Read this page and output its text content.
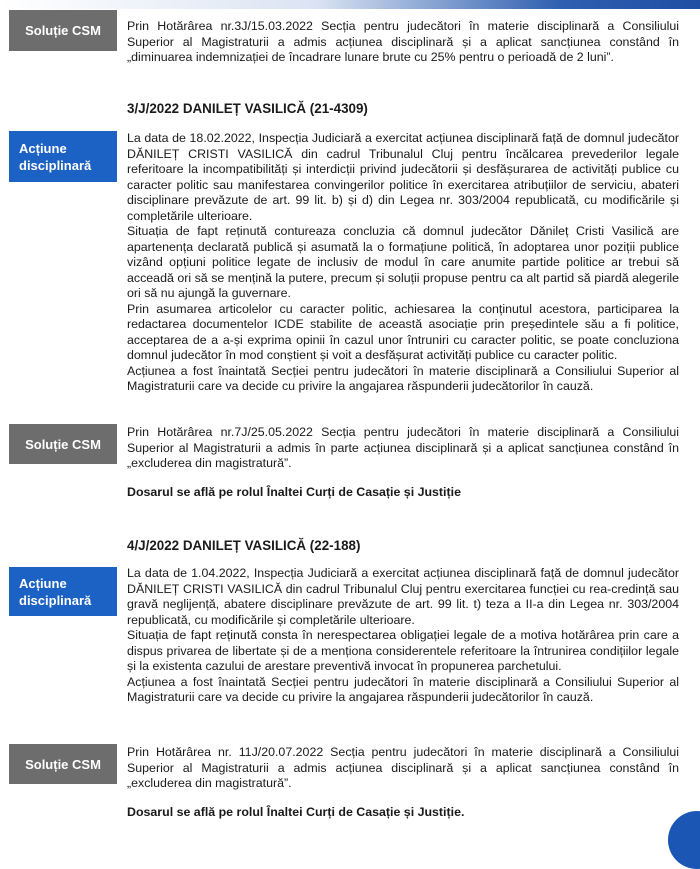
Soluție CSM Prin Hotărârea nr.3J/15.03.2022 Secția pentru judecători în materie disciplinară a Consiliului Superior al Magistraturii a admis acțiunea disciplinară și a aplicat sancțiunea constând în „diminuarea indemnizației de încadrare lunare brute cu 25% pentru o perioadă de 2 luni”.

3/J/2022 DANILEȚ VASILICĂ (21-4309)

Acțiune
disciplinară
La data de 18.02.2022, Inspecția Judiciară a exercitat acțiunea disciplinară față de domnul judecător DĂNILEȚ CRISTI VASILICĂ din cadrul Tribunalul Cluj pentru încălcarea prevederilor legale referitoare la incompatibilități și interdicții privind judecătorii și desfășurarea de activități publice cu caracter politic sau manifestarea convingerilor politice în exercitarea atribuțiilor de serviciu, abateri disciplinare prevăzute de art. 99 lit. b) și d) din Legea nr. 303/2004 republicată, cu modificările și completările ulterioare.
Situația de fapt reținută contureaza concluzia că domnul judecător Dănileț Cristi Vasilică are apartenența declarată publică și asumată la o formațiune politică, în adoptarea unor poziții publice vizând opțiuni politice legate de inclusiv de modul în care anumite partide politice ar trebui să acceadă ori să se mențină la putere, precum și soluții propuse pentru ca alt partid să piardă alegerile ori să nu ajungă la guvernare.
Prin asumarea articolelor cu caracter politic, achiesarea la conținutul acestora, participarea la redactarea documentelor ICDE stabilite de această asociație prin președintele său a fi politice, acceptarea de a a-și exprima opinii în cazul unor întruniri cu caracter politic, se poate concluziona domnul judecător în mod conștient și voit a desfășurat activități publice cu caracter politic.
Acțiunea a fost înaintată Secției pentru judecători în materie disciplinară a Consiliului Superior al Magistraturii care va decide cu privire la angajarea răspunderii judecătorilor în cauză.
Soluție CSM

Prin Hotărârea nr.7J/25.05.2022 Secția pentru judecători în materie disciplinară a Consiliului Superior al Magistraturii a admis în parte acțiunea disciplinară și a aplicat sancțiunea constând în „excluderea din magistratură”.

Dosarul se află pe rolul Înaltei Curți de Casație și Justiție

4/J/2022 DANILEȚ VASILICĂ (22-188)

Acțiune
disciplinară
La data de 1.04.2022, Inspecția Judiciară a exercitat acțiunea disciplinară față de domnul judecător DĂNILEȚ CRISTI VASILICĂ din cadrul Tribunalul Cluj pentru exercitarea funcției cu rea-credință sau gravă neglijență, abatere disciplinare prevăzute de art. 99 lit. t) teza a II-a din Legea nr. 303/2004 republicată, cu modificările și completările ulterioare.
Situația de fapt reținută consta în nerespectarea obligației legale de a motiva hotărârea prin care a dispus privarea de libertate și de a menționa considerentele referitoare la întrunirea condițiilor legale și la existenta cazului de arestare preventivă invocat în propunerea parchetului.
Acțiunea a fost înaintată Secției pentru judecători în materie disciplinară a Consiliului Superior al Magistraturii care va decide cu privire la angajarea răspunderii judecătorilor în cauză.
Soluție CSM

Prin Hotărârea nr. 11J/20.07.2022 Secția pentru judecători în materie disciplinară a Consiliului Superior al Magistraturii a admis acțiunea disciplinară și a aplicat sancțiunea constând în „excluderea din magistratură”.

Dosarul se află pe rolul Înaltei Curți de Casație și Justiție.
